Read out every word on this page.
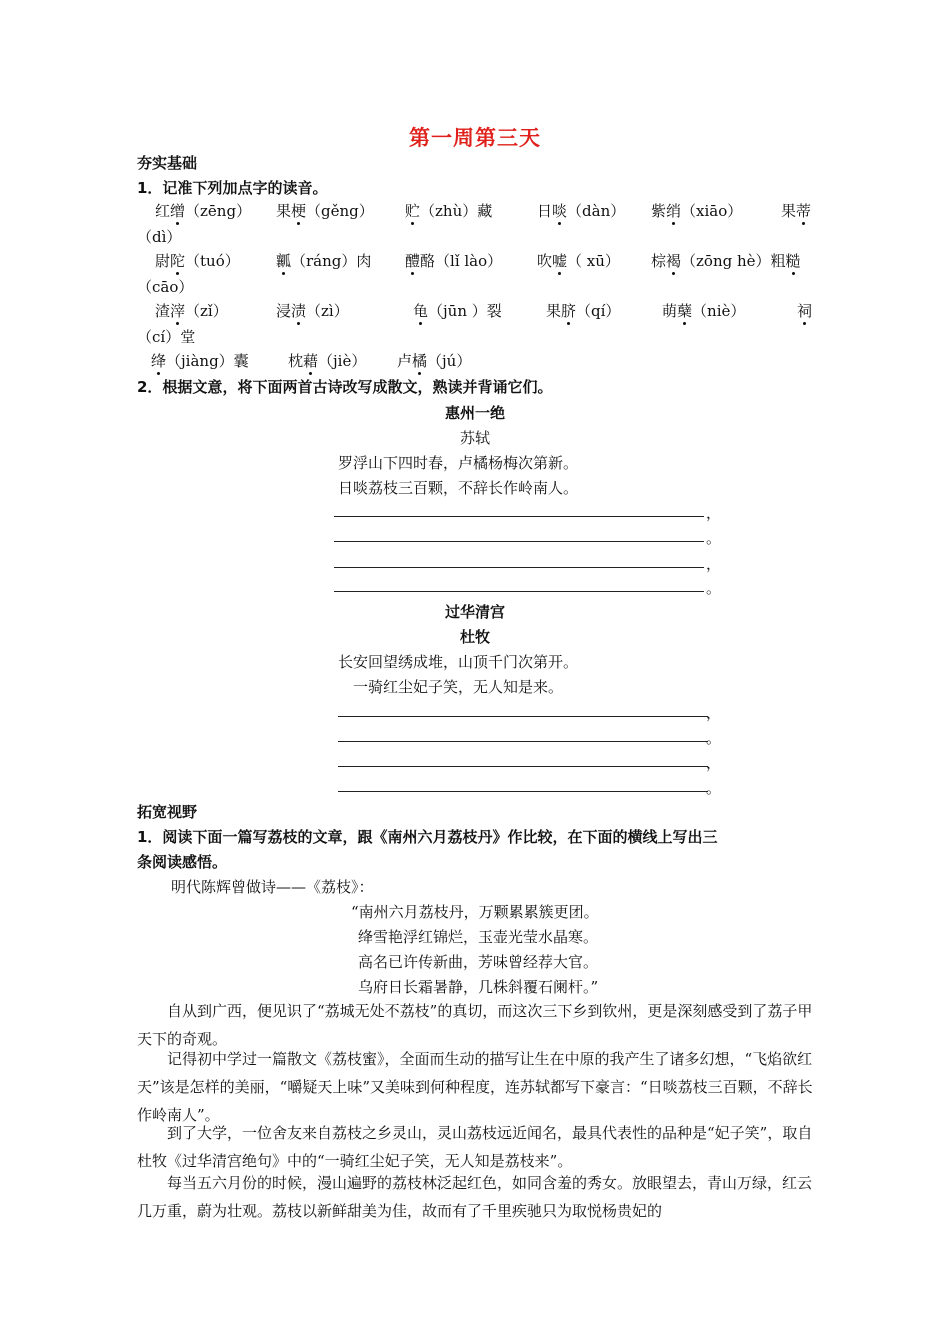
第一周第三天
夯实基础
1．记准下列加点字的读音。
红缯（zēng） 果梗（gěng） 贮（zhù）藏	日啖（dàn） 紫绡（xiāo）	果蒂
（dì）
尉陀（tuó） 瓤（ráng）肉 醴酪（lǐ lào） 吹嘘（ xū） 棕褐（zōng hè）粗糙
（cāo）
渣滓（zǐ）	浸渍（zì）	龟（jūn ）裂	果脐（qí）	萌蘖（niè）	祠
（cí）堂
绛（jiàng）囊	枕藉（jiè） 卢橘（jú）
2．根据文意，将下面两首古诗改写成散文，熟读并背诵它们。
惠州一绝
苏轼
罗浮山下四时春，卢橘杨梅次第新。
日啖荔枝三百颗，不辞长作岭南人。
，
。
，
。
过华清宫
杜牧
长安回望绣成堆，山顶千门次第开。
一骑红尘妃子笑，无人知是来。
，
。
，
。
拓宽视野
1．阅读下面一篇写荔枝的文章，跟《南州六月荔枝丹》作比较，在下面的横线上写出三
条阅读感悟。
明代陈辉曾做诗——《荔枝》：
“南州六月荔枝丹，万颗累累簇更团。
绛雪艳浮红锦烂，玉壶光莹水晶寒。
高名已许传新曲，芳味曾经荐大官。
乌府日长霜暑静，几株斜覆石阑杆。”
自从到广西，便见识了“荔城无处不荔枝”的真切，而这次三下乡到钦州，更是深刻感受到了荔子甲天下的奇观。
记得初中学过一篇散文《荔枝蜜》，全面而生动的描写让生在中原的我产生了诸多幻想，“飞焰欲红天”该是怎样的美丽，“嚼疑天上味”又美味到何种程度，连苏轼都写下豪言：“日啖荔枝三百颗，不辞长作岭南人”。
到了大学，一位舍友来自荔枝之乡灵山，灵山荔枝远近闻名，最具代表性的品种是“妃子笑”，取自杜牧《过华清宫绝句》中的“一骑红尘妃子笑，无人知是荔枝来”。
每当五六月份的时候，漫山遍野的荔枝林泛起红色，如同含羞的秀女。放眼望去，青山万绿，红云几万重，蔚为壮观。荔枝以新鲜甜美为佳，故而有了千里疾驰只为取悦杨贵妃的
